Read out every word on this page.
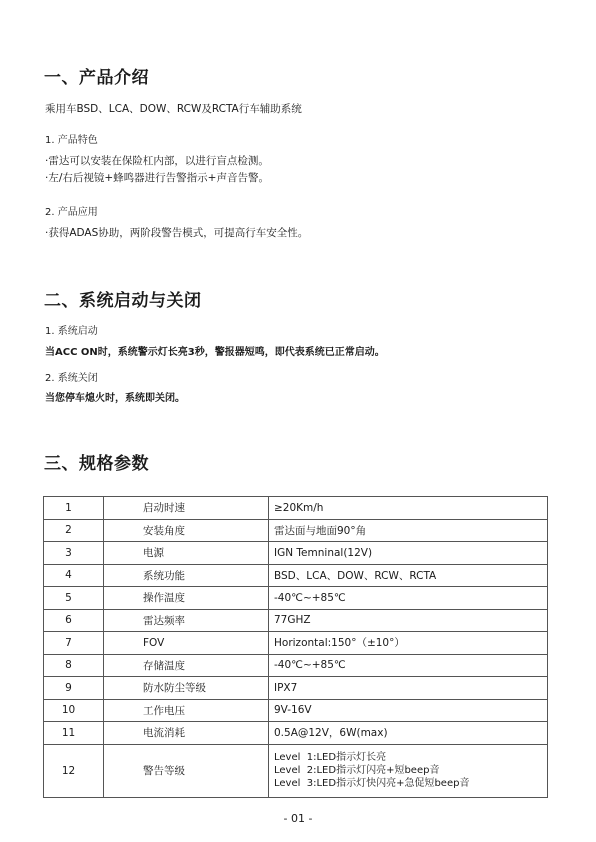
一、产品介绍
乘用车BSD、LCA、DOW、RCW及RCTA行车辅助系统
1. 产品特色
·雷达可以安装在保险杠内部，以进行盲点检测。
·左/右后视镜+蜂鸣器进行告警指示+声音告警。
2. 产品应用
·获得ADAS协助，两阶段警告模式，可提高行车安全性。
二、系统启动与关闭
1. 系统启动
当ACC ON时，系统警示灯长亮3秒，警报器短鸣，即代表系统已正常启动。
2. 系统关闭
当您停车熄火时，系统即关闭。
三、规格参数
1	启动时速	≥20Km/h
2	安装角度	雷达面与地面90°角
3	电源	IGN Temninal(12V)
4	系统功能	BSD、LCA、DOW、RCW、RCTA
5	操作温度	-40℃~+85℃
6	雷达频率	77GHZ
7	FOV	Horizontal:150°（±10°）
8	存储温度	-40℃~+85℃
9	防水防尘等级	IPX7
10	工作电压	9V-16V
11	电流消耗	0.5A@12V，6W(max)
12	警告等级	Level  1:LED指示灯长亮
Level  2:LED指示灯闪亮+短beep音
Level  3:LED指示灯快闪亮+急促短beep音
- 01 -
